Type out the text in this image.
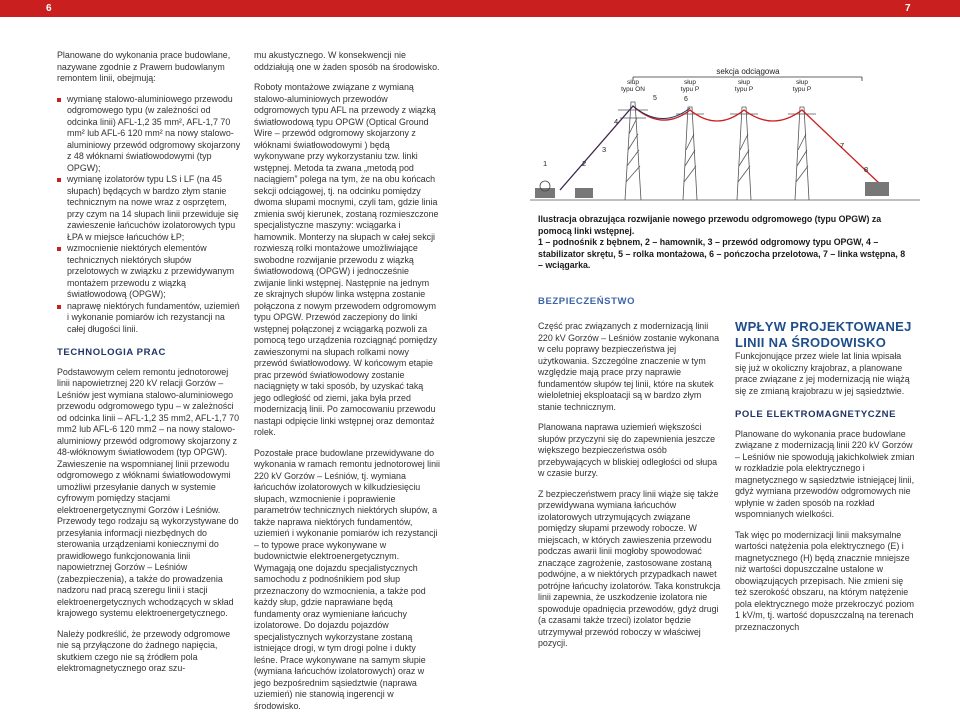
6	7

Planowane do wykonania prace budowlane, nazywane zgodnie z Prawem budowlanym remontem linii, obejmują:

wymianę stalowo-aluminiowego przewodu odgromowego typu (w zależności od odcinka linii) AFL-1,2 35 mm², AFL-1,7 70 mm² lub AFL-6 120 mm² na nowy stalowo-aluminiowy przewód odgromowy skojarzony z 48 włóknami światłowodowymi (typ OPGW);
wymianę izolatorów typu LS i LF (na 45 słupach) będących w bardzo złym stanie technicznym na nowe wraz z osprzętem, przy czym na 14 słupach linii przewiduje się zawieszenie łańcuchów izolatorowych typu ŁPA w miejsce łańcuchów ŁP;
wzmocnienie niektórych elementów technicznych niektórych słupów przelotowych w związku z przewidywanym montażem przewodu z wiązką światłowodową (OPGW);
naprawę niektórych fundamentów, uziemień i wykonanie pomiarów ich rezystancji na całej długości linii.
TECHNOLOGIA PRAC

Podstawowym celem remontu jednotorowej linii napowietrznej 220 kV relacji Gorzów – Leśniów jest wymiana stalowo-aluminiowego przewodu odgromowego typu – w zależności od odcinka linii – AFL-1,2 35 mm2, AFL-1,7 70 mm2 lub AFL-6 120 mm2 – na nowy stalowo-aluminiowy przewód odgromowy skojarzony z 48-włóknowym światłowodem (typ OPGW). Zawieszenie na wspomnianej linii przewodu odgromowego z włóknami światłowodowymi umożliwi przesyłanie danych w systemie cyfrowym pomiędzy stacjami elektroenergetycznymi Gorzów i Leśniów. Przewody tego rodzaju są wykorzystywane do przesyłania informacji niezbędnych do sterowania urządzeniami koniecznymi do prawidłowego funkcjonowania linii napowietrznej Gorzów – Leśniów (zabezpieczenia), a także do prowadzenia nadzoru nad pracą szeregu linii i stacji elektroenergetycznych wchodzących w skład krajowego systemu elektroenergetycznego.

Należy podkreślić, że przewody odgromowe nie są przyłączone do żadnego napięcia, skutkiem czego nie są źródłem pola elektromagnetycznego oraz szu-

mu akustycznego. W konsekwencji nie oddziałują one w żaden sposób na środowisko.

Roboty montażowe związane z wymianą stalowo-aluminiowych przewodów odgromowych typu AFL na przewody z wiązką światłowodową typu OPGW (Optical Ground Wire – przewód odgromowy skojarzony z włóknami światłowodowymi ) będą wykonywane przy wykorzystaniu tzw. linki wstępnej. Metoda ta zwana „metodą pod naciągiem” polega na tym, że na obu końcach sekcji odciągowej, tj. na odcinku pomiędzy dwoma słupami mocnymi, czyli tam, gdzie linia zmienia swój kierunek, zostaną rozmieszczone specjalistyczne maszyny: wciągarka i hamownik. Monterzy na słupach w całej sekcji rozwieszą rolki montażowe umożliwiające swobodne rozwijanie przewodu z wiązką światłowodową (OPGW) i jednocześnie zwijanie linki wstępnej. Następnie na jednym ze skrajnych słupów linka wstępna zostanie połączona z nowym przewodem odgromowym typu OPGW. Przewód zaczepiony do linki wstępnej połączonej z wciągarką pozwoli za pomocą tego urządzenia rozciągnąć pomiędzy zawieszonymi na słupach rolkami nowy przewód światłowodowy. W końcowym etapie prac przewód światłowodowy zostanie naciągnięty w taki sposób, by uzyskać taką jego odległość od ziemi, jaka była przed modernizacją linii. Po zamocowaniu przewodu nastąpi odpięcie linki wstępnej oraz demontaż rolek.

Pozostałe prace budowlane przewidywane do wykonania w ramach remontu jednotorowej linii 220 kV Gorzów – Leśniów, tj. wymiana łańcuchów izolatorowych w kilkudziesięciu słupach, wzmocnienie i poprawienie parametrów technicznych niektórych słupów, a także naprawa niektórych fundamentów, uziemień i wykonanie pomiarów ich rezystancji – to typowe prace wykonywane w budownictwie elektroenergetycznym. Wymagają one dojazdu specjalistycznych samochodu z podnośnikiem pod słup przeznaczony do wzmocnienia, a także pod każdy słup, gdzie naprawiane będą fundamenty oraz wymieniane łańcuchy izolatorowe. Do dojazdu pojazdów specjalistycznych wykorzystane zostaną istniejące drogi, w tym drogi polne i dukty leśne. Prace wykonywane na samym słupie (wymiana łańcuchów izolatorowych) oraz w jego bezpośrednim sąsiedztwie (naprawa uziemień) nie stanowią ingerencji w środowisko.

sekcja odciągowa
słup typu ON
słup typu P
słup typu P
słup typu P
5	6
1	2
3
4
7
8
Ilustracja obrazująca rozwijanie nowego przewodu odgromowego (typu OPGW) za pomocą linki wstępnej.
1 – podnośnik z bębnem, 2 – hamownik, 3 – przewód odgromowy typu OPGW, 4 – stabilizator skrętu, 5 – rolka montażowa, 6 – pończocha przelotowa, 7 – linka wstępna, 8 – wciągarka.
BEZPIECZEŃSTWO

Część prac związanych z modernizacją linii 220 kV Gorzów – Leśniów zostanie wykonana w celu poprawy bezpieczeństwa jej użytkowania. Szczególne znaczenie w tym względzie mają prace przy naprawie fundamentów słupów tej linii, które na skutek wieloletniej eksploatacji są w bardzo złym stanie technicznym.

Planowana naprawa uziemień większości słupów przyczyni się do zapewnienia jeszcze większego bezpieczeństwa osób przebywających w bliskiej odległości od słupa w czasie burzy.

Z bezpieczeństwem pracy linii wiąże się także przewidywana wymiana łańcuchów izolatorowych utrzymujących związane pomiędzy słupami przewody robocze. W miejscach, w których zawieszenia przewodu podczas awarii linii mogłoby spowodować znaczące zagrożenie, zastosowane zostaną podwójne, a w niektórych przypadkach nawet potrójne łańcuchy izolatorów. Taka konstrukcja linii zapewnia, że uszkodzenie izolatora nie spowoduje opadnięcia przewodów, gdyż drugi (a czasami także trzeci) izolator będzie utrzymywał przewód roboczy w właściwej pozycji.

WPŁYW PROJEKTOWANEJ LINII NA ŚRODOWISKO

Funkcjonujące przez wiele lat linia wpisała się już w okoliczny krajobraz, a planowane prace związane z jej modernizacją nie wiążą się ze zmianą krajobrazu w jej sąsiedztwie.

POLE ELEKTROMAGNETYCZNE

Planowane do wykonania prace budowlane związane z modernizacją linii 220 kV Gorzów – Leśniów nie spowodują jakichkolwiek zmian w rozkładzie pola elektrycznego i magnetycznego w sąsiedztwie istniejącej linii, gdyż wymiana przewodów odgromowych nie wpłynie w żaden sposób na rozkład wspomnianych wielkości.

Tak więc po modernizacji linii maksymalne wartości natężenia pola elektrycznego (E) i magnetycznego (H) będą znacznie mniejsze niż wartości dopuszczalne ustalone w obowiązujących przepisach. Nie zmieni się też szerokość obszaru, na którym natężenie pola elektrycznego może przekroczyć poziom 1 kV/m, tj. wartość dopuszczalną na terenach przeznaczonych
